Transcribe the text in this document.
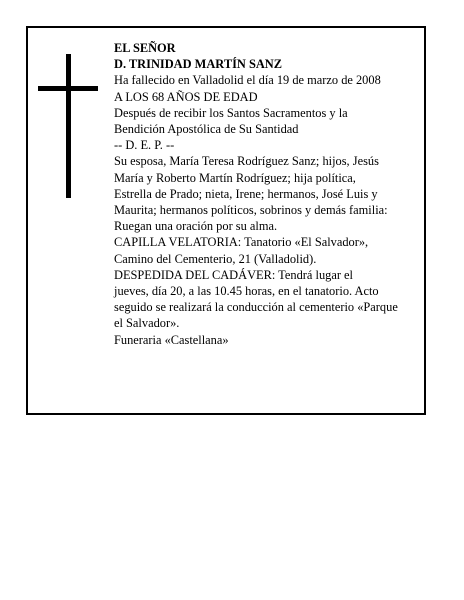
EL SEÑOR
D. TRINIDAD MARTÍN SANZ
Ha fallecido en Valladolid el día 19 de marzo de 2008
A LOS 68 AÑOS DE EDAD
Después de recibir los Santos Sacramentos y la
Bendición Apostólica de Su Santidad
-- D. E. P. --
Su esposa, María Teresa Rodríguez Sanz; hijos, Jesús
María y Roberto Martín Rodríguez; hija política,
Estrella de Prado; nieta, Irene; hermanos, José Luis y
Maurita; hermanos políticos, sobrinos y demás familia:
Ruegan una oración por su alma.
CAPILLA VELATORIA: Tanatorio «El Salvador»,
Camino del Cementerio, 21 (Valladolid).
DESPEDIDA DEL CADÁVER: Tendrá lugar el
jueves, día 20, a las 10.45 horas, en el tanatorio. Acto
seguido se realizará la conducción al cementerio «Parque
el Salvador».
Funeraria «Castellana»
